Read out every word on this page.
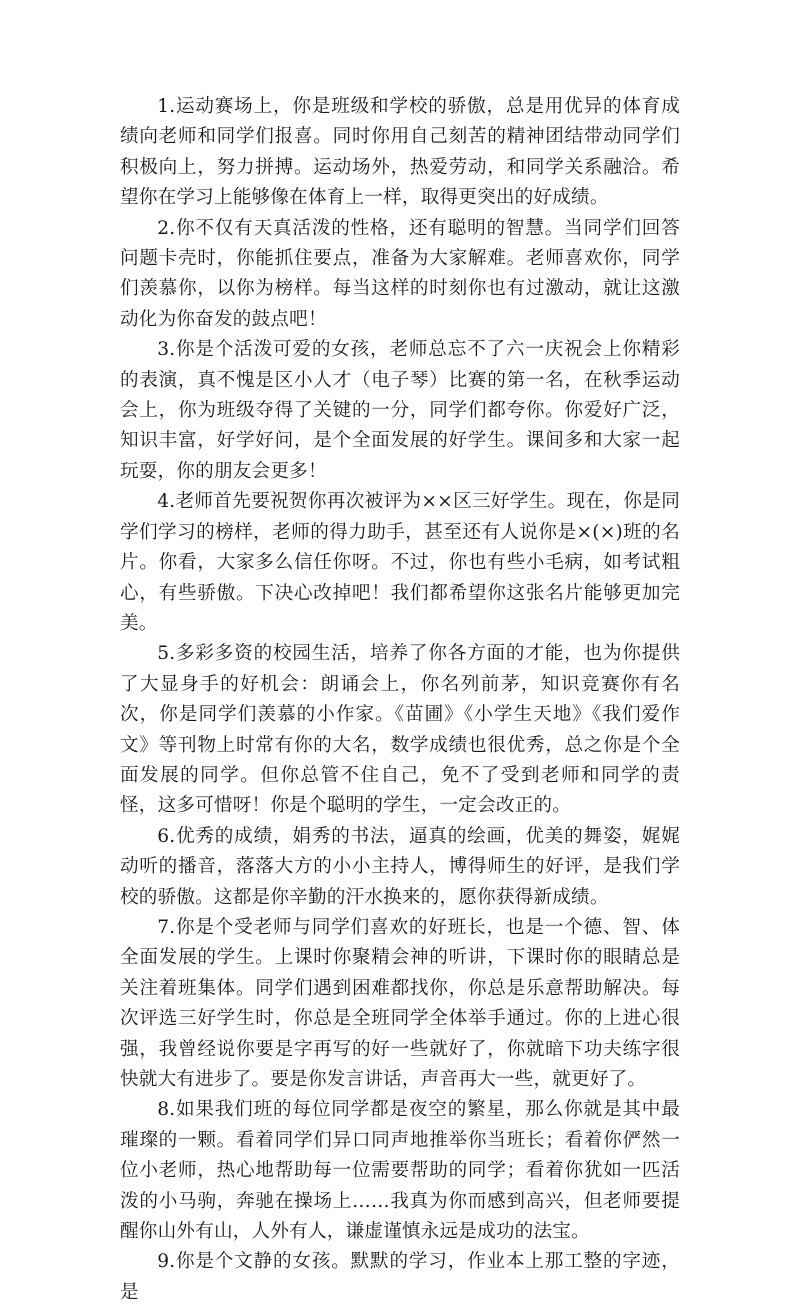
1.运动赛场上，你是班级和学校的骄傲，总是用优异的体育成绩向老师和同学们报喜。同时你用自己刻苦的精神团结带动同学们积极向上，努力拼搏。运动场外，热爱劳动，和同学关系融洽。希望你在学习上能够像在体育上一样，取得更突出的好成绩。

2.你不仅有天真活泼的性格，还有聪明的智慧。当同学们回答问题卡壳时，你能抓住要点，准备为大家解难。老师喜欢你，同学们羡慕你，以你为榜样。每当这样的时刻你也有过激动，就让这激动化为你奋发的鼓点吧！

3.你是个活泼可爱的女孩，老师总忘不了六一庆祝会上你精彩的表演，真不愧是区小人才（电子琴）比赛的第一名，在秋季运动会上，你为班级夺得了关键的一分，同学们都夸你。你爱好广泛，知识丰富，好学好问，是个全面发展的好学生。课间多和大家一起玩耍，你的朋友会更多！

4.老师首先要祝贺你再次被评为××区三好学生。现在，你是同学们学习的榜样，老师的得力助手，甚至还有人说你是×(×)班的名片。你看，大家多么信任你呀。不过，你也有些小毛病，如考试粗心，有些骄傲。下决心改掉吧！我们都希望你这张名片能够更加完美。

5.多彩多资的校园生活，培养了你各方面的才能，也为你提供了大显身手的好机会：朗诵会上，你名列前茅，知识竞赛你有名次，你是同学们羡慕的小作家。《苗圃》《小学生天地》《我们爱作文》等刊物上时常有你的大名，数学成绩也很优秀，总之你是个全面发展的同学。但你总管不住自己，免不了受到老师和同学的责怪，这多可惜呀！你是个聪明的学生，一定会改正的。

6.优秀的成绩，娟秀的书法，逼真的绘画，优美的舞姿，娓娓动听的播音，落落大方的小小主持人，博得师生的好评，是我们学校的骄傲。这都是你辛勤的汗水换来的，愿你获得新成绩。

7.你是个受老师与同学们喜欢的好班长，也是一个德、智、体全面发展的学生。上课时你聚精会神的听讲，下课时你的眼睛总是关注着班集体。同学们遇到困难都找你，你总是乐意帮助解决。每次评选三好学生时，你总是全班同学全体举手通过。你的上进心很强，我曾经说你要是字再写的好一些就好了，你就暗下功夫练字很快就大有进步了。要是你发言讲话，声音再大一些，就更好了。

8.如果我们班的每位同学都是夜空的繁星，那么你就是其中最璀璨的一颗。看着同学们异口同声地推举你当班长；看着你俨然一位小老师，热心地帮助每一位需要帮助的同学；看着你犹如一匹活泼的小马驹，奔驰在操场上……我真为你而感到高兴，但老师要提醒你山外有山，人外有人，谦虚谨慎永远是成功的法宝。

9.你是个文静的女孩。默默的学习，作业本上那工整的字迹，是
